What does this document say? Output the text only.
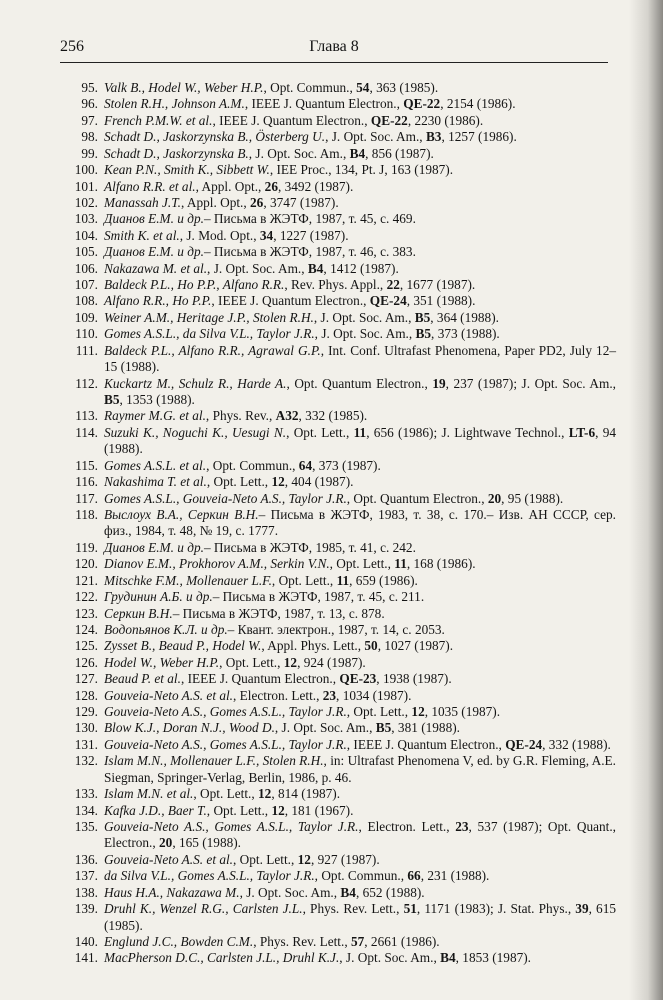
256	Глава 8
95. Valk B., Hodel W., Weber H.P., Opt. Commun., 54, 363 (1985).
96. Stolen R.H., Johnson A.M., IEEE J. Quantum Electron., QE-22, 2154 (1986).
97. French P.M.W. et al., IEEE J. Quantum Electron., QE-22, 2230 (1986).
98. Schadt D., Jaskorzynska B., Österberg U., J. Opt. Soc. Am., B3, 1257 (1986).
99. Schadt D., Jaskorzynska B., J. Opt. Soc. Am., B4, 856 (1987).
100. Kean P.N., Smith K., Sibbett W., IEE Proc., 134, Pt. J, 163 (1987).
101. Alfano R.R. et al., Appl. Opt., 26, 3492 (1987).
102. Manassah J.T., Appl. Opt., 26, 3747 (1987).
103. Дианов Е.М. и др.– Письма в ЖЭТФ, 1987, т. 45, с. 469.
104. Smith K. et al., J. Mod. Opt., 34, 1227 (1987).
105. Дианов Е.М. и др.– Письма в ЖЭТФ, 1987, т. 46, с. 383.
106. Nakazawa M. et al., J. Opt. Soc. Am., B4, 1412 (1987).
107. Baldeck P.L., Ho P.P., Alfano R.R., Rev. Phys. Appl., 22, 1677 (1987).
108. Alfano R.R., Ho P.P., IEEE J. Quantum Electron., QE-24, 351 (1988).
109. Weiner A.M., Heritage J.P., Stolen R.H., J. Opt. Soc. Am., B5, 364 (1988).
110. Gomes A.S.L., da Silva V.L., Taylor J.R., J. Opt. Soc. Am., B5, 373 (1988).
111. Baldeck P.L., Alfano R.R., Agrawal G.P., Int. Conf. Ultrafast Phenomena, Paper PD2, July 12–15 (1988).
112. Kuckartz M., Schulz R., Harde A., Opt. Quantum Electron., 19, 237 (1987); J. Opt. Soc. Am., B5, 1353 (1988).
113. Raymer M.G. et al., Phys. Rev., A32, 332 (1985).
114. Suzuki K., Noguchi K., Uesugi N., Opt. Lett., 11, 656 (1986); J. Lightwave Technol., LT-6, 94 (1988).
115. Gomes A.S.L. et al., Opt. Commun., 64, 373 (1987).
116. Nakashima T. et al., Opt. Lett., 12, 404 (1987).
117. Gomes A.S.L., Gouveia-Neto A.S., Taylor J.R., Opt. Quantum Electron., 20, 95 (1988).
118. Выслоух В.А., Серкин В.Н.– Письма в ЖЭТФ, 1983, т. 38, с. 170.– Изв. АН СССР, сер. физ., 1984, т. 48, № 19, с. 1777.
119. Дианов Е.М. и др.– Письма в ЖЭТФ, 1985, т. 41, с. 242.
120. Dianov E.M., Prokhorov A.M., Serkin V.N., Opt. Lett., 11, 168 (1986).
121. Mitschke F.M., Mollenauer L.F., Opt. Lett., 11, 659 (1986).
122. Грудинин А.Б. и др.– Письма в ЖЭТФ, 1987, т. 45, с. 211.
123. Серкин В.Н.– Письма в ЖЭТФ, 1987, т. 13, с. 878.
124. Водопьянов К.Л. и др.– Квант. электрон., 1987, т. 14, с. 2053.
125. Zysset B., Beaud P., Hodel W., Appl. Phys. Lett., 50, 1027 (1987).
126. Hodel W., Weber H.P., Opt. Lett., 12, 924 (1987).
127. Beaud P. et al., IEEE J. Quantum Electron., QE-23, 1938 (1987).
128. Gouveia-Neto A.S. et al., Electron. Lett., 23, 1034 (1987).
129. Gouveia-Neto A.S., Gomes A.S.L., Taylor J.R., Opt. Lett., 12, 1035 (1987).
130. Blow K.J., Doran N.J., Wood D., J. Opt. Soc. Am., B5, 381 (1988).
131. Gouveia-Neto A.S., Gomes A.S.L., Taylor J.R., IEEE J. Quantum Electron., QE-24, 332 (1988).
132. Islam M.N., Mollenauer L.F., Stolen R.H., in: Ultrafast Phenomena V, ed. by G.R. Fleming, A.E. Siegman, Springer-Verlag, Berlin, 1986, p. 46.
133. Islam M.N. et al., Opt. Lett., 12, 814 (1987).
134. Kafka J.D., Baer T., Opt. Lett., 12, 181 (1967).
135. Gouveia-Neto A.S., Gomes A.S.L., Taylor J.R., Electron. Lett., 23, 537 (1987); Opt. Quant., Electron., 20, 165 (1988).
136. Gouveia-Neto A.S. et al., Opt. Lett., 12, 927 (1987).
137. da Silva V.L., Gomes A.S.L., Taylor J.R., Opt. Commun., 66, 231 (1988).
138. Haus H.A., Nakazawa M., J. Opt. Soc. Am., B4, 652 (1988).
139. Druhl K., Wenzel R.G., Carlsten J.L., Phys. Rev. Lett., 51, 1171 (1983); J. Stat. Phys., 39, 615 (1985).
140. Englund J.C., Bowden C.M., Phys. Rev. Lett., 57, 2661 (1986).
141. MacPherson D.C., Carlsten J.L., Druhl K.J., J. Opt. Soc. Am., B4, 1853 (1987).
